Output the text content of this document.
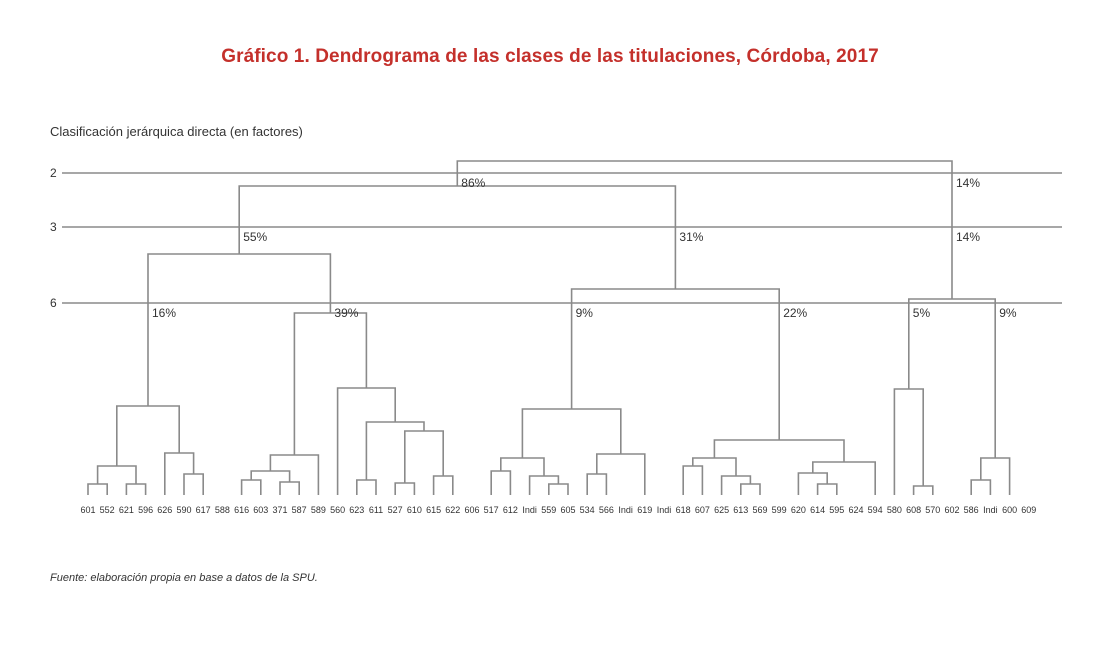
Gráfico 1. Dendrograma de las clases de las titulaciones, Córdoba, 2017
Clasificación jerárquica directa (en factores)
Fuente: elaboración propia en base a datos de la SPU.
2
3
6
601 552 621 596 626 590 617 588 616 603 371 587 589 560 623 611 527 610 615 622 606 517 612 Indi 559 605 534 566 Indi 619 Indi 618 607 625 613 569 599 620 614 595 624 594 580 608 570 602 586 Indi 600 609
86%	14%
55%	31%	14%
16%	39%	9%	22%	5%	9%
